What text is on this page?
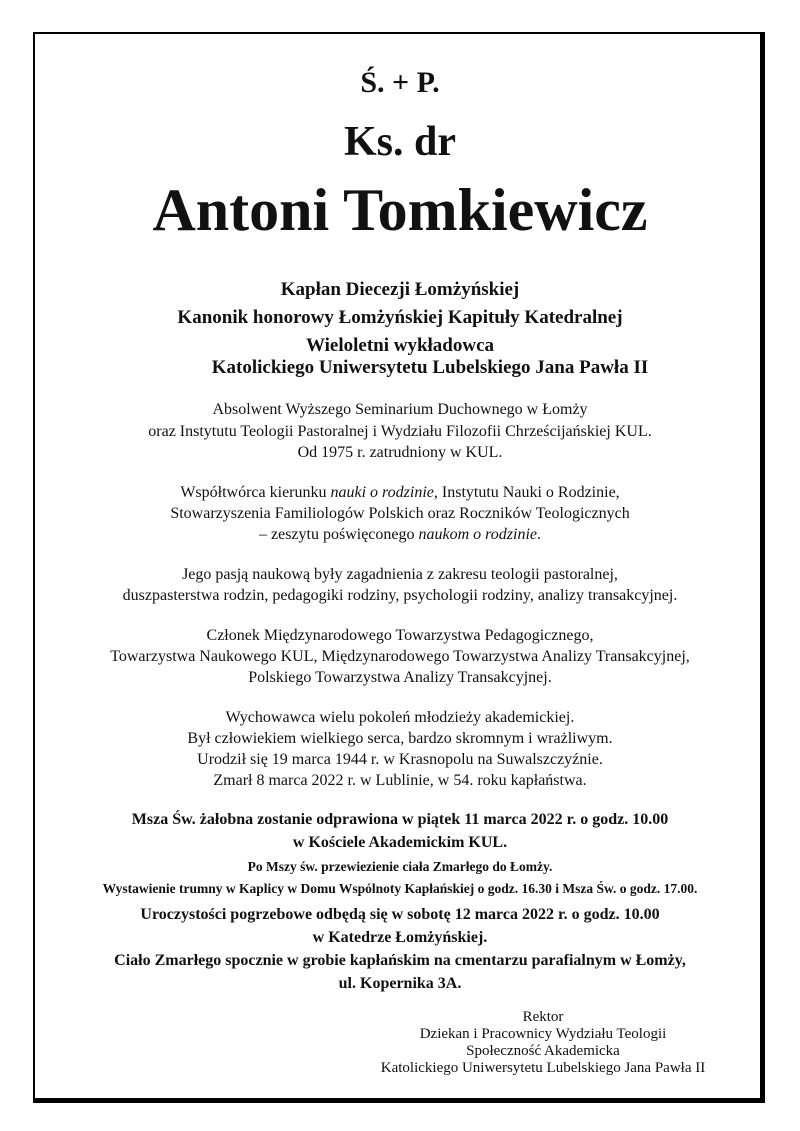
Ś. + P.
Ks. dr
Antoni Tomkiewicz
Kapłan Diecezji Łomżyńskiej
Kanonik honorowy Łomżyńskiej Kapituły Katedralnej
Wieloletni wykładowca
Katolickiego Uniwersytetu Lubelskiego Jana Pawła II
Absolwent Wyższego Seminarium Duchownego w Łomży
oraz Instytutu Teologii Pastoralnej i Wydziału Filozofii Chrześcijańskiej KUL.
Od 1975 r. zatrudniony w KUL.
Współtwórca kierunku nauki o rodzinie, Instytutu Nauki o Rodzinie,
Stowarzyszenia Familiologów Polskich oraz Roczników Teologicznych
– zeszytu poświęconego naukom o rodzinie.
Jego pasją naukową były zagadnienia z zakresu teologii pastoralnej,
duszpasterstwa rodzin, pedagogiki rodziny, psychologii rodziny, analizy transakcyjnej.
Członek Międzynarodowego Towarzystwa Pedagogicznego,
Towarzystwa Naukowego KUL, Międzynarodowego Towarzystwa Analizy Transakcyjnej,
Polskiego Towarzystwa Analizy Transakcyjnej.
Wychowawca wielu pokoleń młodzieży akademickiej.
Był człowiekiem wielkiego serca, bardzo skromnym i wrażliwym.
Urodził się 19 marca 1944 r. w Krasnopolu na Suwalszczyźnie.
Zmarł 8 marca 2022 r. w Lublinie, w 54. roku kapłaństwa.
Msza Św. żałobna zostanie odprawiona w piątek 11 marca 2022 r. o godz. 10.00
w Kościele Akademickim KUL.
Po Mszy św. przewiezienie ciała Zmarłego do Łomży.
Wystawienie trumny w Kaplicy w Domu Wspólnoty Kapłańskiej o godz. 16.30 i Msza Św. o godz. 17.00.
Uroczystości pogrzebowe odbędą się w sobotę 12 marca 2022 r. o godz. 10.00
w Katedrze Łomżyńskiej.
Ciało Zmarłego spocznie w grobie kapłańskim na cmentarzu parafialnym w Łomży,
ul. Kopernika 3A.
Rektor
Dziekan i Pracownicy Wydziału Teologii
Społeczność Akademicka
Katolickiego Uniwersytetu Lubelskiego Jana Pawła II
